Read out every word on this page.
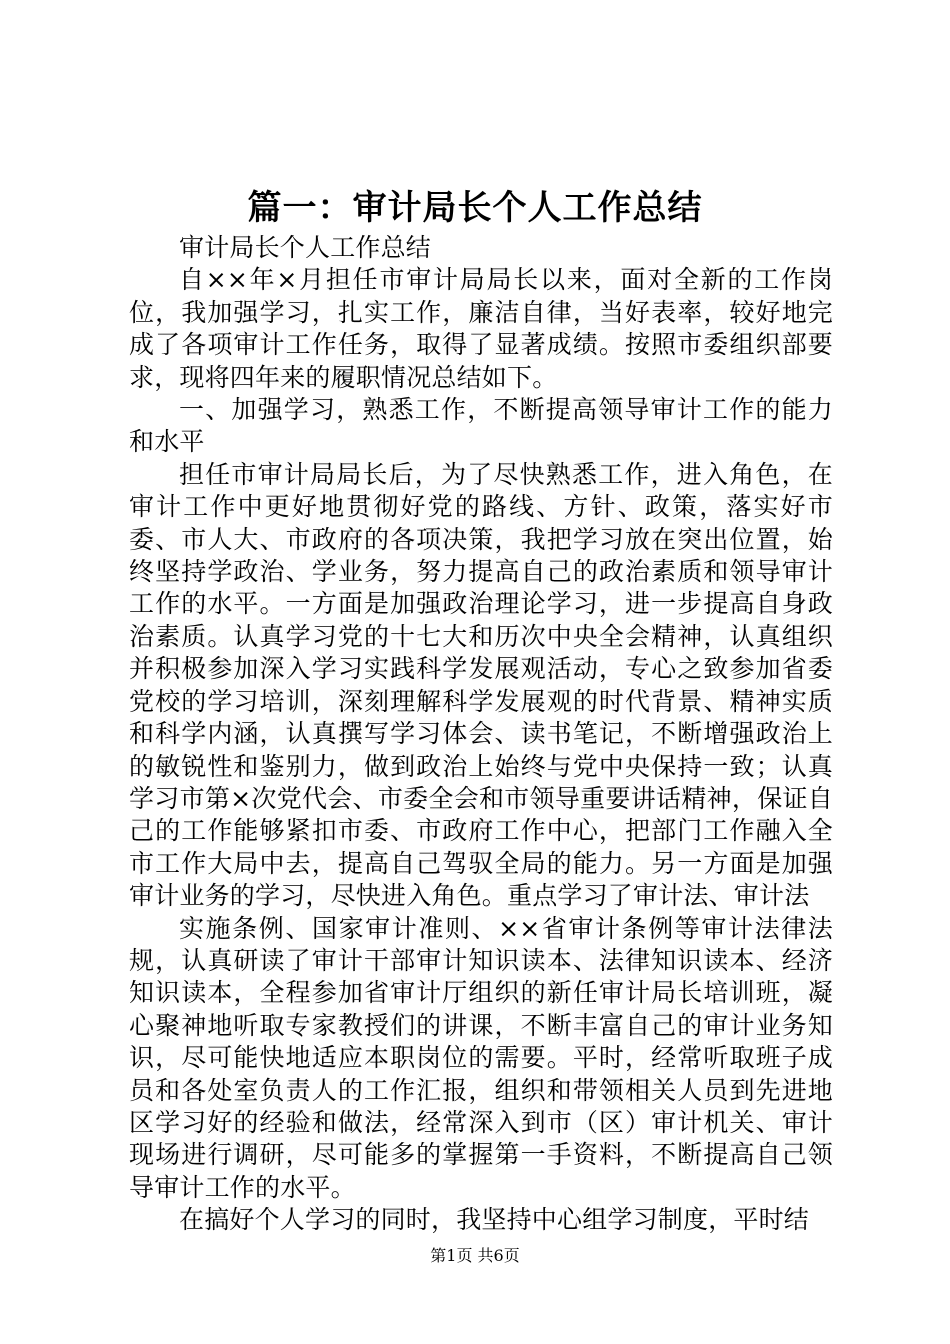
篇一：审计局长个人工作总结

审计局长个人工作总结

自××年×月担任市审计局局长以来，面对全新的工作岗位，我加强学习，扎实工作，廉洁自律，当好表率，较好地完成了各项审计工作任务，取得了显著成绩。按照市委组织部要求，现将四年来的履职情况总结如下。

一、加强学习，熟悉工作，不断提高领导审计工作的能力和水平

担任市审计局局长后，为了尽快熟悉工作，进入角色，在审计工作中更好地贯彻好党的路线、方针、政策，落实好市委、市人大、市政府的各项决策，我把学习放在突出位置，始终坚持学政治、学业务，努力提高自己的政治素质和领导审计工作的水平。一方面是加强政治理论学习，进一步提高自身政治素质。认真学习党的十七大和历次中央全会精神，认真组织并积极参加深入学习实践科学发展观活动，专心之致参加省委党校的学习培训，深刻理解科学发展观的时代背景、精神实质和科学内涵，认真撰写学习体会、读书笔记，不断增强政治上的敏锐性和鉴别力，做到政治上始终与党中央保持一致；认真学习市第×次党代会、市委全会和市领导重要讲话精神，保证自己的工作能够紧扣市委、市政府工作中心，把部门工作融入全市工作大局中去，提高自己驾驭全局的能力。另一方面是加强审计业务的学习，尽快进入角色。重点学习了审计法、审计法

实施条例、国家审计准则、××省审计条例等审计法律法规，认真研读了审计干部审计知识读本、法律知识读本、经济知识读本，全程参加省审计厅组织的新任审计局长培训班，凝心聚神地听取专家教授们的讲课，不断丰富自己的审计业务知识，尽可能快地适应本职岗位的需要。平时，经常听取班子成员和各处室负责人的工作汇报，组织和带领相关人员到先进地区学习好的经验和做法，经常深入到市（区）审计机关、审计现场进行调研，尽可能多的掌握第一手资料，不断提高自己领导审计工作的水平。

在搞好个人学习的同时，我坚持中心组学习制度，平时结

第1页 共6页
